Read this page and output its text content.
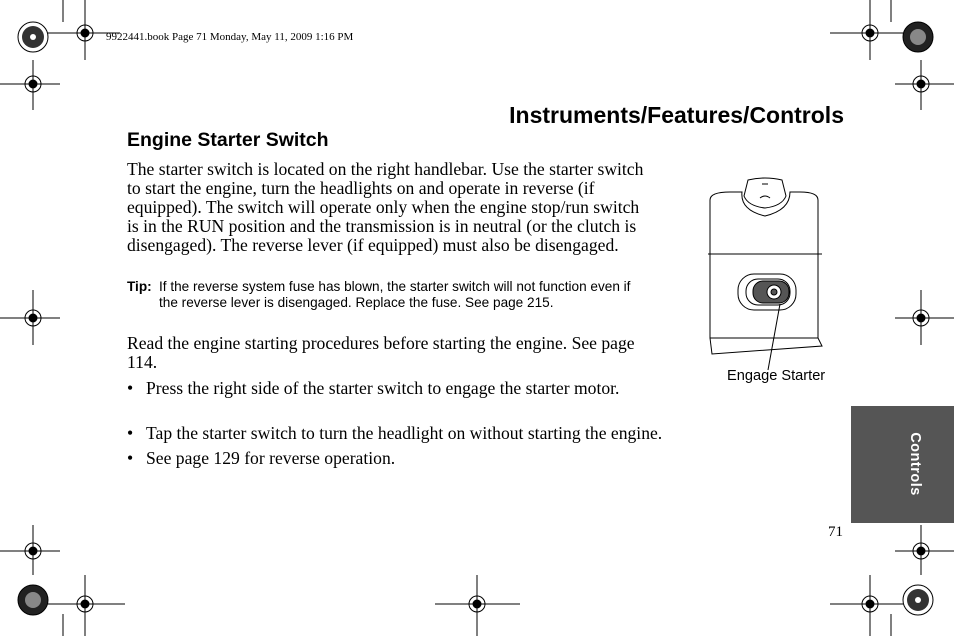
9922441.book Page 71 Monday, May 11, 2009 1:16 PM
Instruments/Features/Controls
Engine Starter Switch

The starter switch is located on the right handlebar. Use the starter switch to start the engine, turn the headlights on and operate in reverse (if equipped). The switch will operate only when the engine stop/run switch is in the RUN position and the transmission is in neutral (or the clutch is disengaged). The reverse lever (if equipped) must also be disengaged.

Tip: If the reverse system fuse has blown, the starter switch will not function even if the reverse lever is disengaged. Replace the fuse. See page 215.

Read the engine starting procedures before starting the engine. See page 114.

• Press the right side of the starter switch to engage the starter motor.
• Tap the starter switch to turn the headlight on without starting the engine.
• See page 129 for reverse operation.
Engage Starter
Controls
71
